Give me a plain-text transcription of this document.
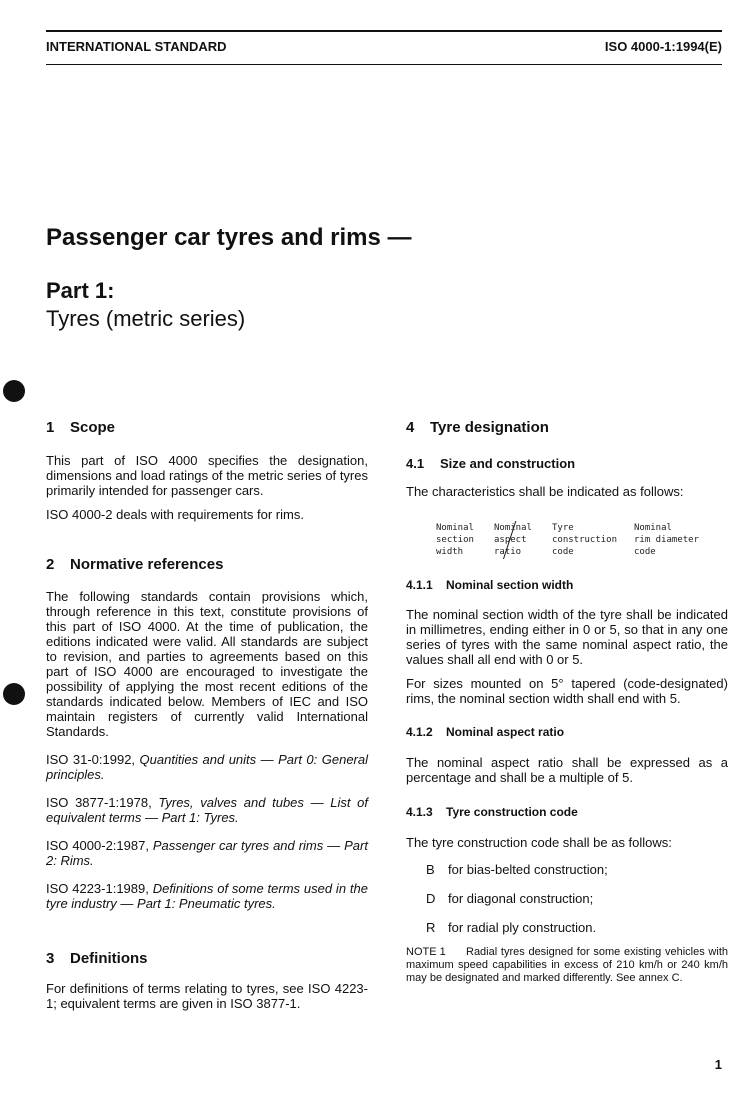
INTERNATIONAL STANDARD	ISO 4000-1:1994(E)
Passenger car tyres and rims —
Part 1:
Tyres (metric series)
1 Scope

This part of ISO 4000 specifies the designation, dimensions and load ratings of the metric series of tyres primarily intended for passenger cars.

ISO 4000-2 deals with requirements for rims.

2 Normative references

The following standards contain provisions which, through reference in this text, constitute provisions of this part of ISO 4000. At the time of publication, the editions indicated were valid. All standards are subject to revision, and parties to agreements based on this part of ISO 4000 are encouraged to investigate the possibility of applying the most recent editions of the standards indicated below. Members of IEC and ISO maintain registers of currently valid International Standards.

ISO 31-0:1992, Quantities and units — Part 0: General principles.

ISO 3877-1:1978, Tyres, valves and tubes — List of equivalent terms — Part 1: Tyres.

ISO 4000-2:1987, Passenger car tyres and rims — Part 2: Rims.

ISO 4223-1:1989, Definitions of some terms used in the tyre industry — Part 1: Pneumatic tyres.

3 Definitions

For definitions of terms relating to tyres, see ISO 4223-1; equivalent terms are given in ISO 3877-1.

4 Tyre designation
4.1 Size and construction

The characteristics shall be indicated as follows:

Nominal
section
width
Nominal
aspect
ratio
Tyre
construction
code
Nominal
rim diameter
code
4.1.1 Nominal section width

The nominal section width of the tyre shall be indicated in millimetres, ending either in 0 or 5, so that in any one series of tyres with the same nominal aspect ratio, the values shall all end with 0 or 5.

For sizes mounted on 5° tapered (code-designated) rims, the nominal section width shall end with 5.

4.1.2 Nominal aspect ratio

The nominal aspect ratio shall be expressed as a percentage and shall be a multiple of 5.

4.1.3 Tyre construction code

The tyre construction code shall be as follows:

B for bias-belted construction;
D for diagonal construction;
R for radial ply construction.

NOTE 1 Radial tyres designed for some existing vehicles with maximum speed capabilities in excess of 210 km/h or 240 km/h may be designated and marked differently. See annex C.

1
